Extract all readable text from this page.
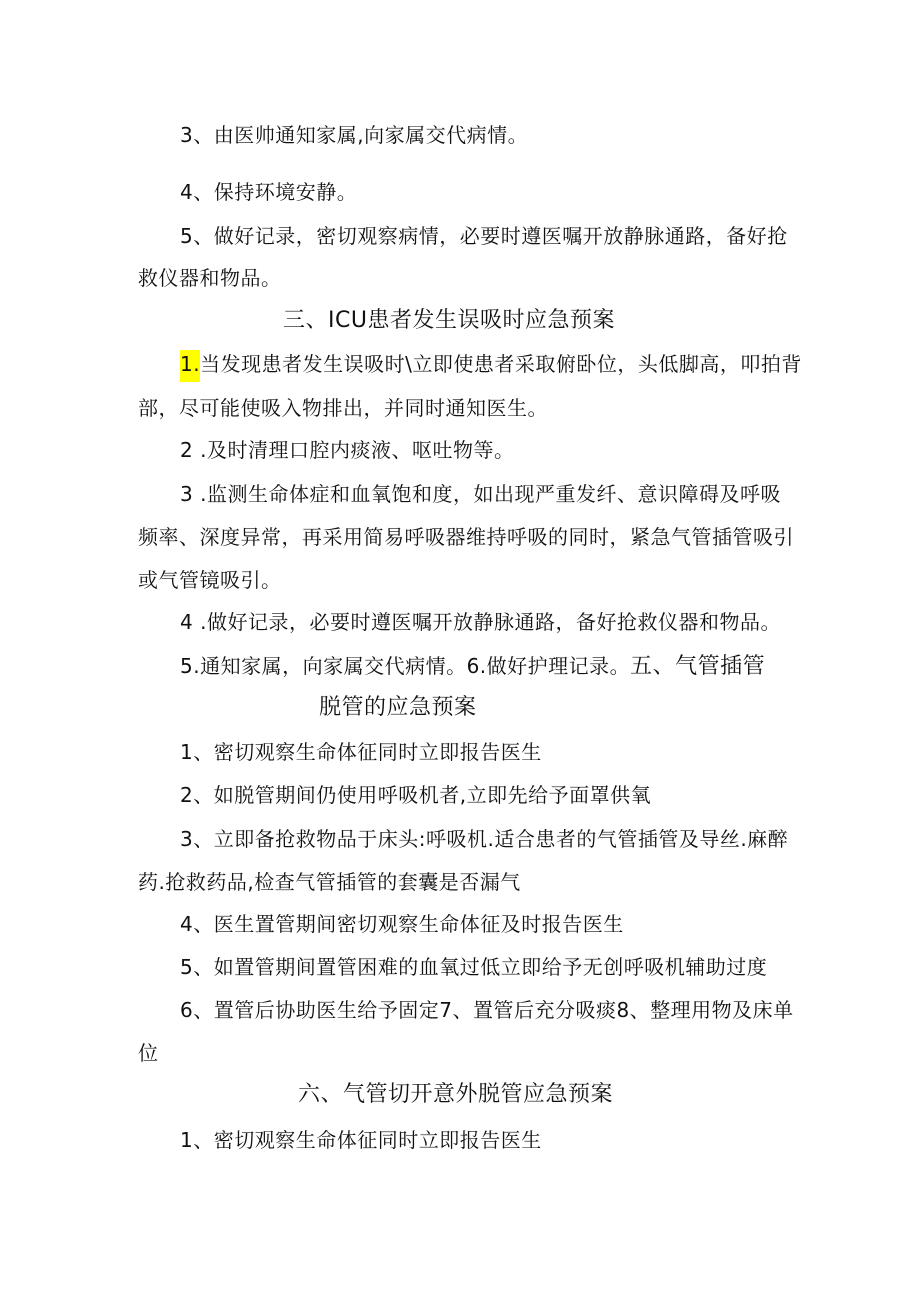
3、由医帅通知家属,向家属交代病情。
4、保持环境安静。
5、做好记录，密切观察病情，必要时遵医嘱开放静脉通路，备好抢
救仪器和物品。
三、ICU患者发生误吸时应急预案
1.当发现患者发生误吸时\立即使患者采取俯卧位，头低脚高，叩拍背
部，尽可能使吸入物排出，并同时通知医生。
2 .及时清理口腔内痰液、呕吐物等。
3 .监测生命体症和血氧饱和度，如出现严重发纤、意识障碍及呼吸
频率、深度异常，再采用简易呼吸器维持呼吸的同时，紧急气管插管吸引
或气管镜吸引。
4 .做好记录，必要时遵医嘱开放静脉通路，备好抢救仪器和物品。
5.通知家属，向家属交代病情。6.做好护理记录。五、气管插管
脱管的应急预案
1、密切观察生命体征同时立即报告医生
2、如脱管期间仍使用呼吸机者,立即先给予面罩供氧
3、立即备抢救物品于床头:呼吸机.适合患者的气管插管及导丝.麻醉
药.抢救药品,检查气管插管的套囊是否漏气
4、医生置管期间密切观察生命体征及时报告医生
5、如置管期间置管困难的血氧过低立即给予无创呼吸机辅助过度
6、置管后协助医生给予固定7、置管后充分吸痰8、整理用物及床单
位
六、气管切开意外脱管应急预案
1、密切观察生命体征同时立即报告医生
